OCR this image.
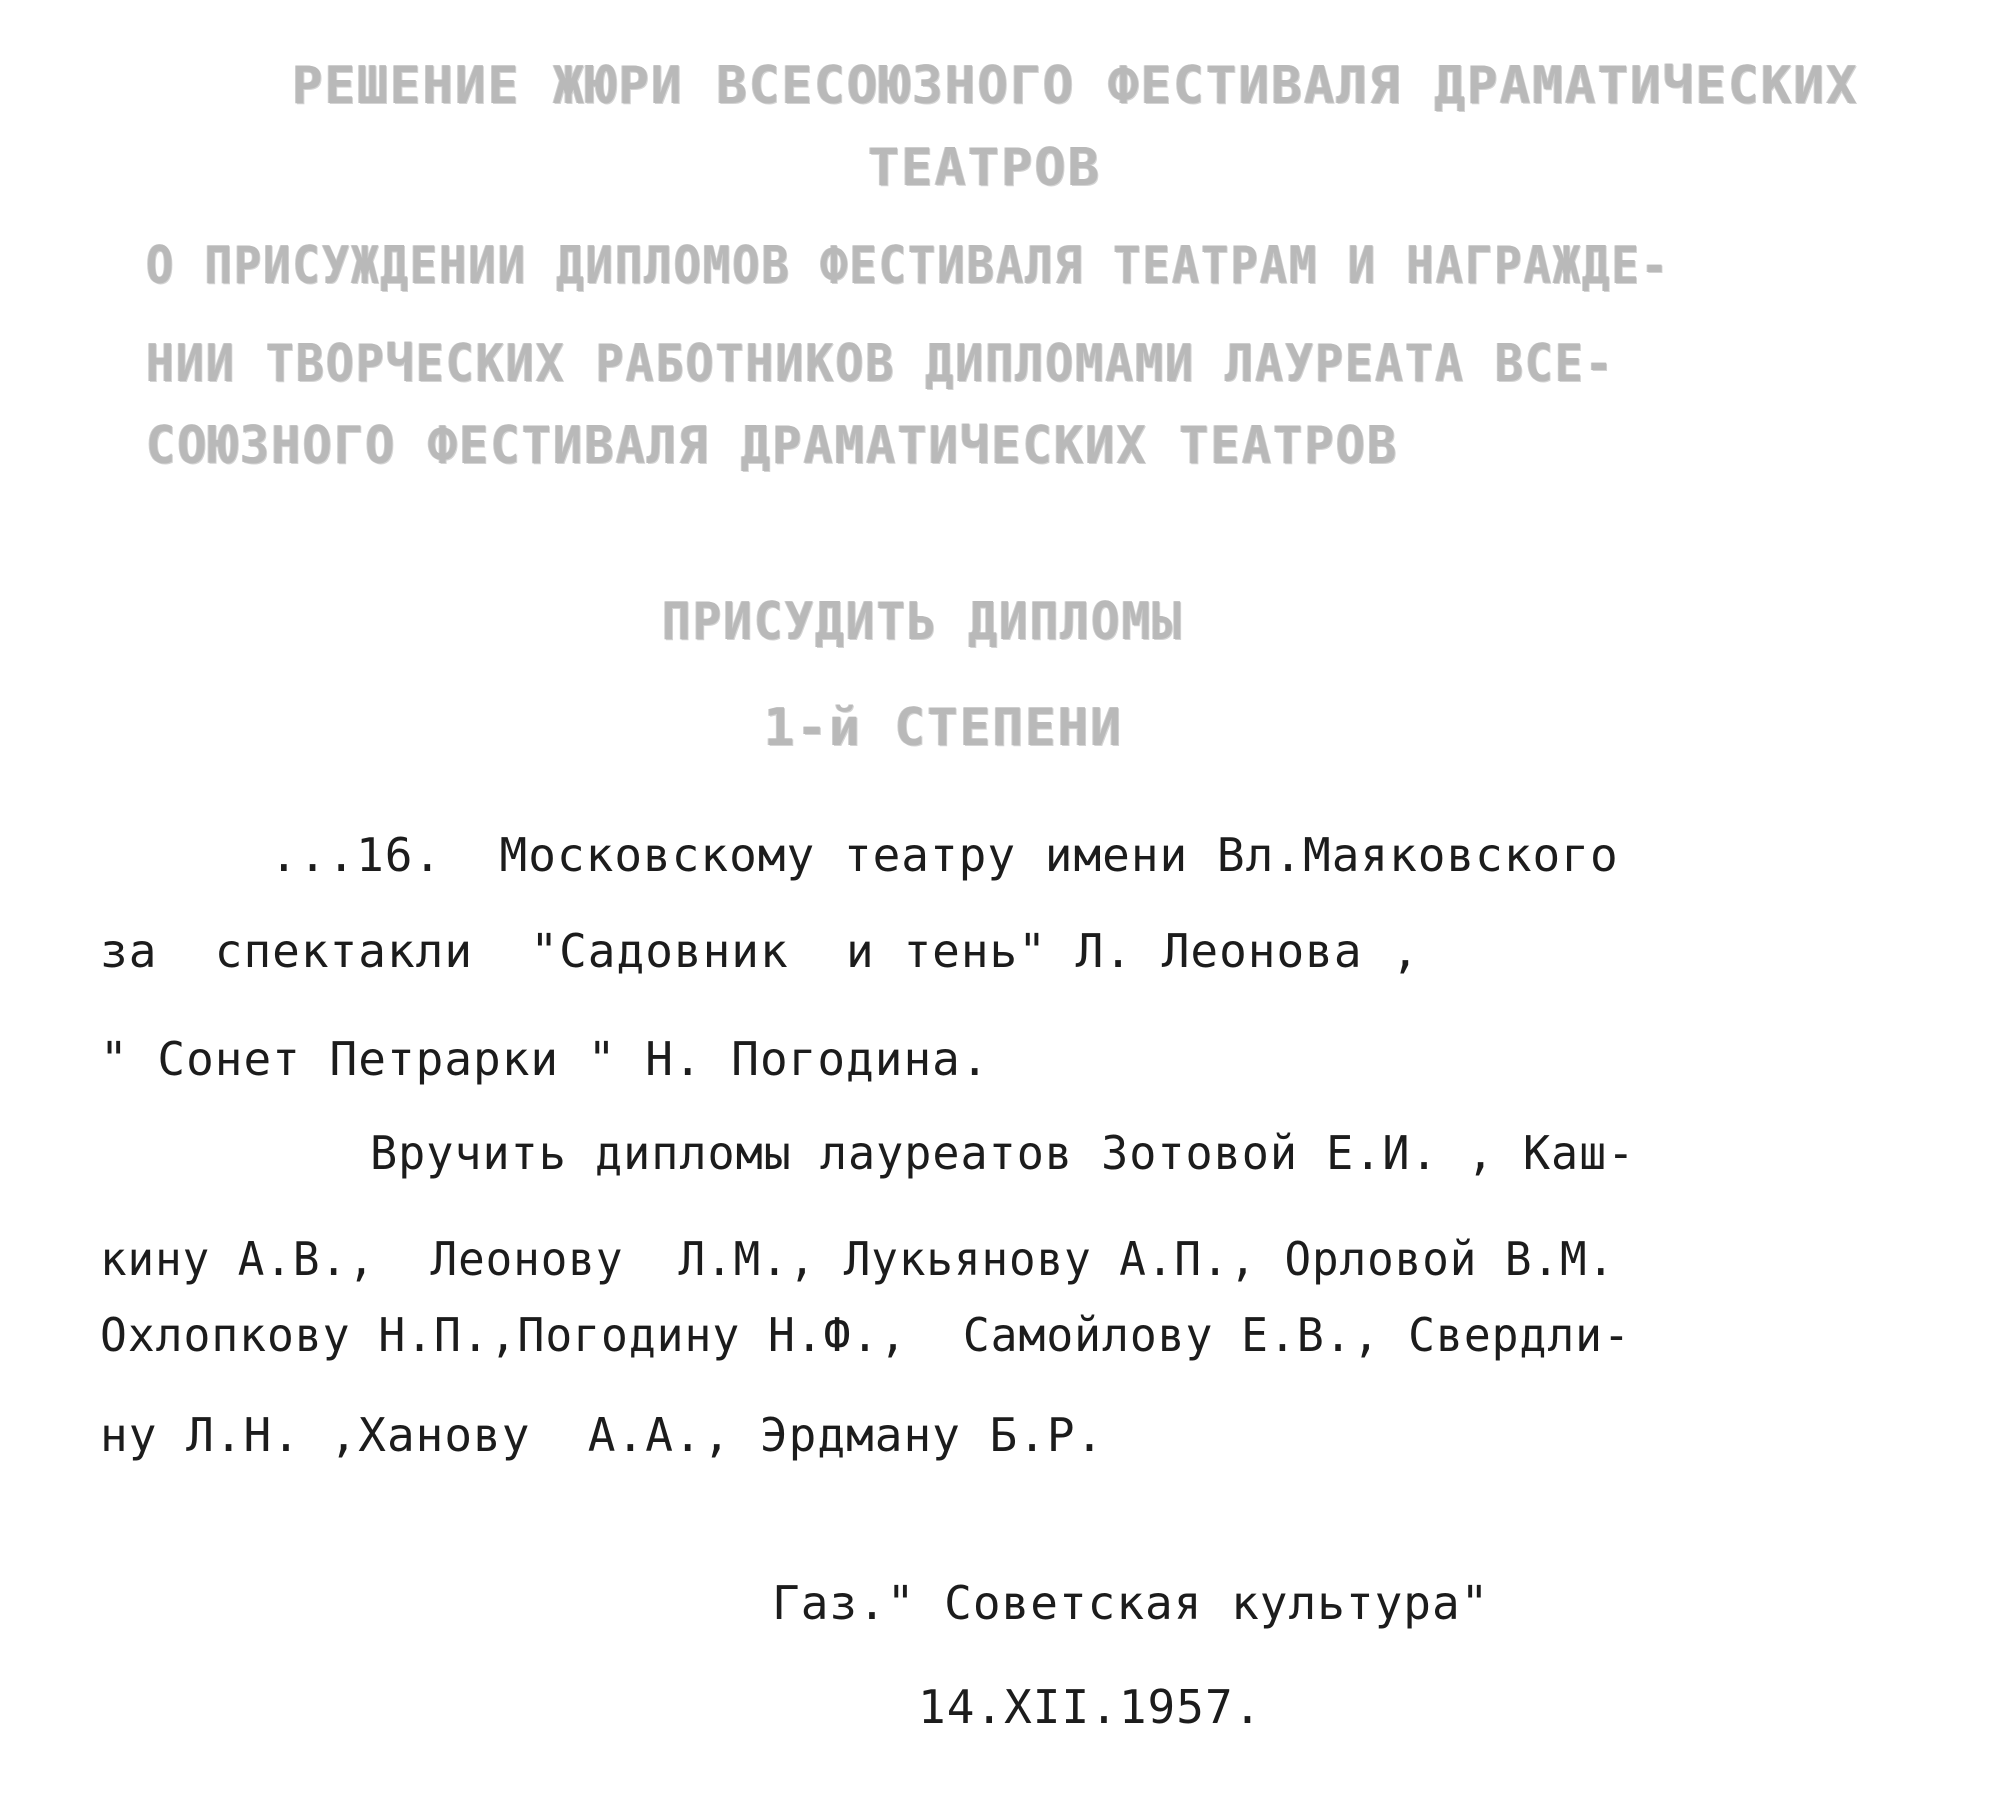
РЕШЕНИЕ ЖЮРИ ВСЕСОЮЗНОГО ФЕСТИВАЛЯ ДРАМАТИЧЕСКИХ
ТЕАТРОВ
О ПРИСУЖДЕНИИ ДИПЛОМОВ ФЕСТИВАЛЯ ТЕАТРАМ И НАГРАЖДЕ-
НИИ ТВОРЧЕСКИХ РАБОТНИКОВ ДИПЛОМАМИ ЛАУРЕАТА ВСЕ-
СОЮЗНОГО ФЕСТИВАЛЯ ДРАМАТИЧЕСКИХ ТЕАТРОВ
ПРИСУДИТЬ ДИПЛОМЫ
1-й СТЕПЕНИ
...16.  Московскому театру имени Вл.Маяковского
за  спектакли  "Садовник  и тень" Л. Леонова ,
" Сонет Петрарки " Н. Погодина.
Вручить дипломы лауреатов Зотовой Е.И. , Каш-
кину А.В.,  Леонову  Л.М., Лукьянову А.П., Орловой В.М.
Охлопкову Н.П.,Погодину Н.Ф.,  Самойлову Е.В., Свердли-
ну Л.Н. ,Ханову  А.А., Эрдману Б.Р.
Газ." Советская культура"
14.XII.1957.
